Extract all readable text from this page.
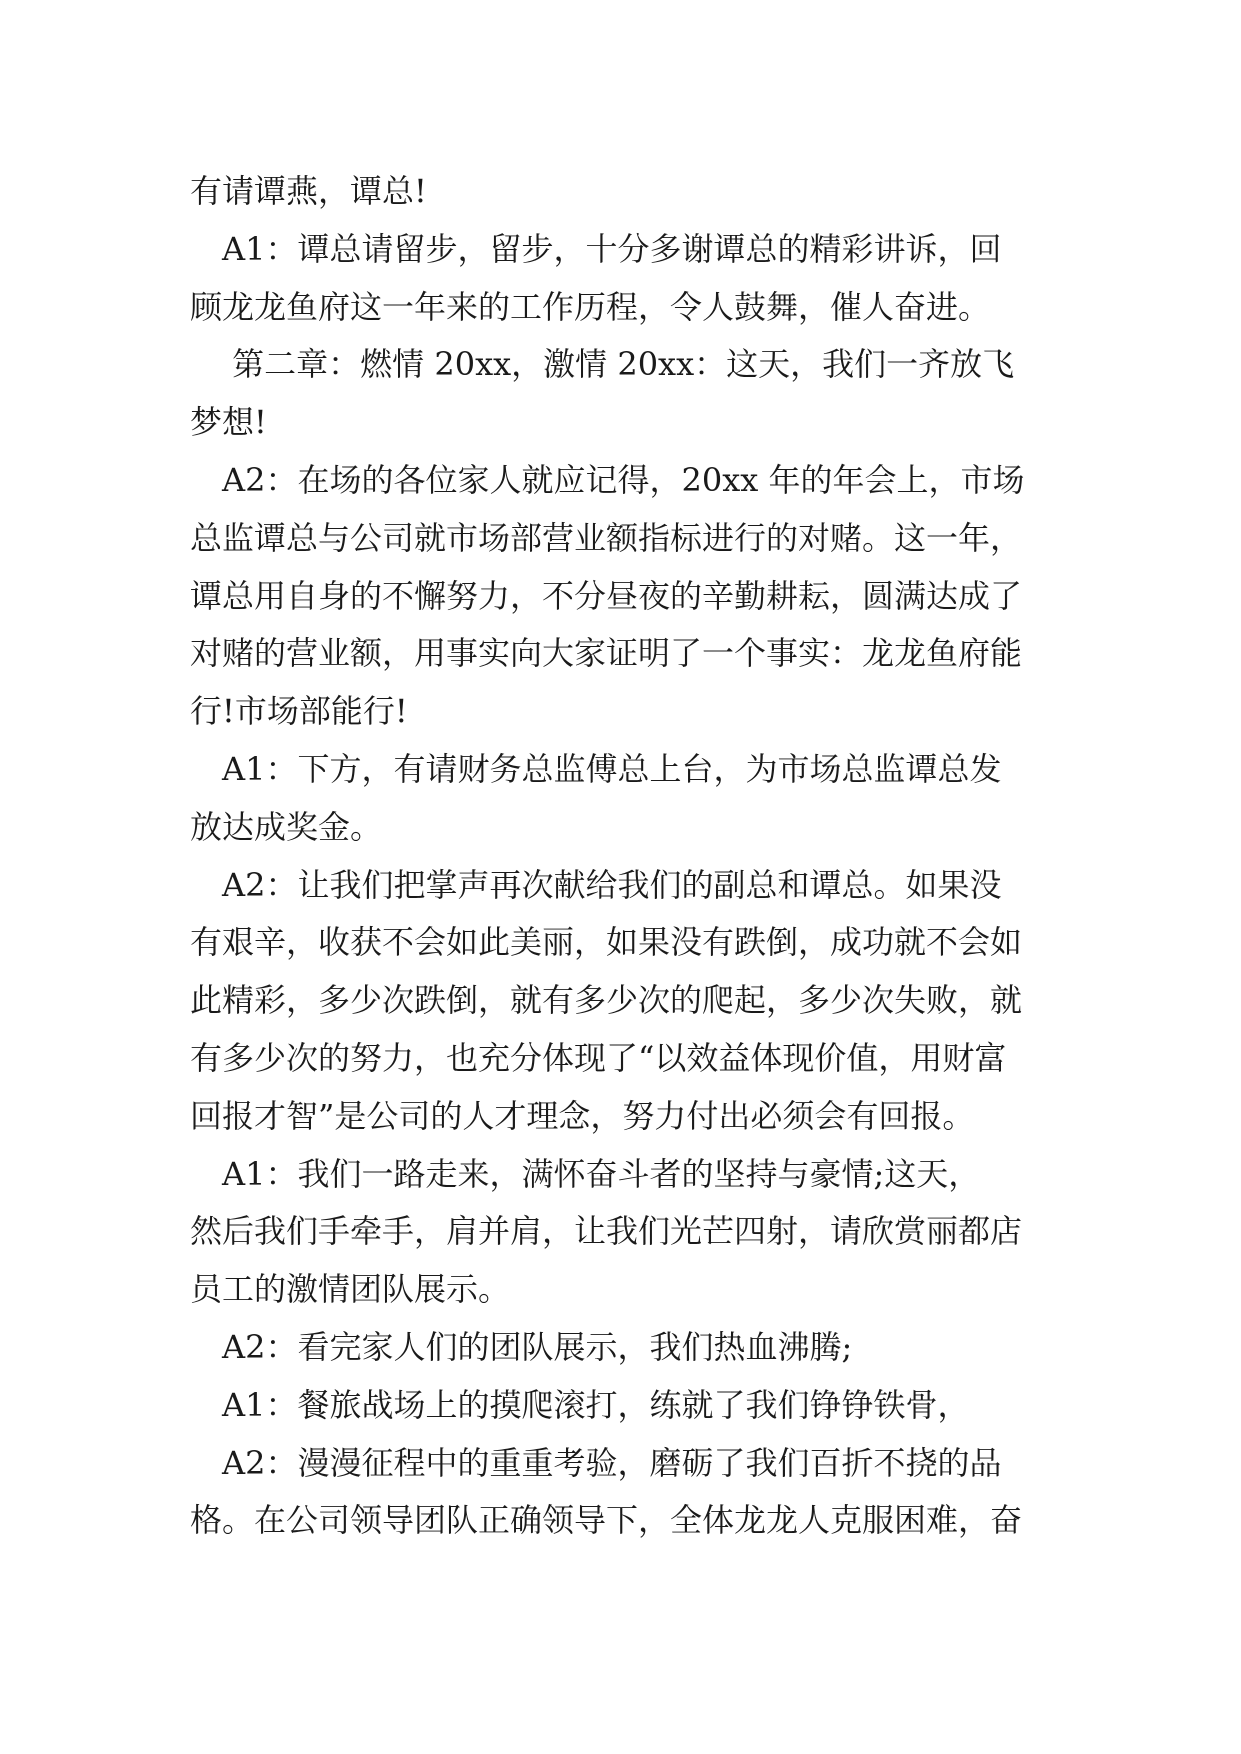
有请谭燕，谭总!
　A1：谭总请留步，留步，十分多谢谭总的精彩讲诉，回
顾龙龙鱼府这一年来的工作历程，令人鼓舞，催人奋进。
　 第二章：燃情 20xx，激情 20xx：这天，我们一齐放飞
梦想!
　A2：在场的各位家人就应记得，20xx 年的年会上，市场
总监谭总与公司就市场部营业额指标进行的对赌。这一年，
谭总用自身的不懈努力，不分昼夜的辛勤耕耘，圆满达成了
对赌的营业额，用事实向大家证明了一个事实：龙龙鱼府能
行!市场部能行!
　A1：下方，有请财务总监傅总上台，为市场总监谭总发
放达成奖金。
　A2：让我们把掌声再次献给我们的副总和谭总。如果没
有艰辛，收获不会如此美丽，如果没有跌倒，成功就不会如
此精彩，多少次跌倒，就有多少次的爬起，多少次失败，就
有多少次的努力，也充分体现了“以效益体现价值，用财富
回报才智”是公司的人才理念，努力付出必须会有回报。
　A1：我们一路走来，满怀奋斗者的坚持与豪情;这天，
然后我们手牵手，肩并肩，让我们光芒四射，请欣赏丽都店
员工的激情团队展示。
　A2：看完家人们的团队展示，我们热血沸腾;
　A1：餐旅战场上的摸爬滚打，练就了我们铮铮铁骨，
　A2：漫漫征程中的重重考验，磨砺了我们百折不挠的品
格。在公司领导团队正确领导下，全体龙龙人克服困难，奋
